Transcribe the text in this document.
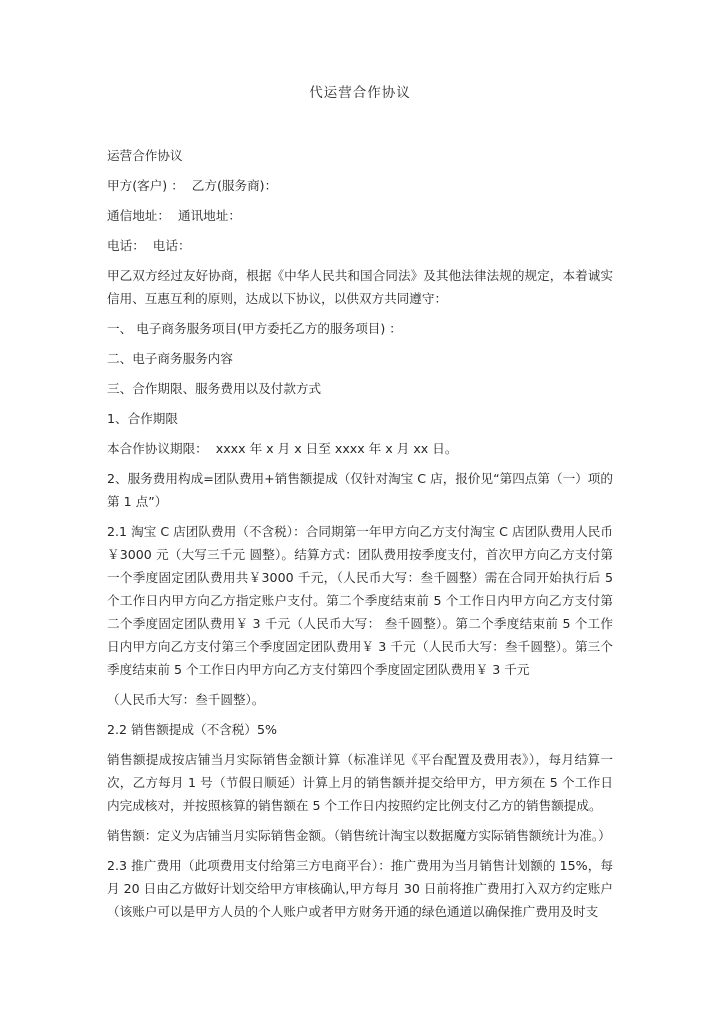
代运营合作协议

运营合作协议

甲方(客户) ：  乙方(服务商)：

通信地址：  通讯地址：

电话：  电话：

甲乙双方经过友好协商，根据《中华人民共和国合同法》及其他法律法规的规定，本着诚实信用、互惠互利的原则，达成以下协议，以供双方共同遵守：

一、 电子商务服务项目(甲方委托乙方的服务项目) ：

二、电子商务服务内容

三、合作期限、服务费用以及付款方式

1、合作期限

本合作协议期限：  xxxx 年 x 月 x 日至 xxxx 年 x 月 xx 日。

2、服务费用构成=团队费用+销售额提成（仅针对淘宝 C 店，报价见“第四点第（一）项的第 1 点”）

2.1 淘宝 C 店团队费用（不含税）：合同期第一年甲方向乙方支付淘宝 C 店团队费用人民币￥3000 元（大写三千元 圆整）。结算方式：团队费用按季度支付，首次甲方向乙方支付第一个季度固定团队费用共￥3000 千元，（人民币大写：叁千圆整）需在合同开始执行后 5 个工作日内甲方向乙方指定账户支付。第二个季度结束前 5 个工作日内甲方向乙方支付第二个季度固定团队费用￥ 3 千元（人民币大写： 叁千圆整）。第二个季度结束前 5 个工作日内甲方向乙方支付第三个季度固定团队费用￥ 3 千元（人民币大写：叁千圆整）。第三个季度结束前 5 个工作日内甲方向乙方支付第四个季度固定团队费用￥ 3 千元

（人民币大写：叁千圆整）。

2.2 销售额提成（不含税）5%

销售额提成按店铺当月实际销售金额计算（标准详见《平台配置及费用表》），每月结算一次，乙方每月 1 号（节假日顺延）计算上月的销售额并提交给甲方，甲方须在 5 个工作日内完成核对，并按照核算的销售额在 5 个工作日内按照约定比例支付乙方的销售额提成。

销售额：定义为店铺当月实际销售金额。（销售统计淘宝以数据魔方实际销售额统计为准。）

2.3 推广费用（此项费用支付给第三方电商平台）：推广费用为当月销售计划额的 15%，每月 20 日由乙方做好计划交给甲方审核确认,甲方每月 30 日前将推广费用打入双方约定账户（该账户可以是甲方人员的个人账户或者甲方财务开通的绿色通道以确保推广费用及时支
